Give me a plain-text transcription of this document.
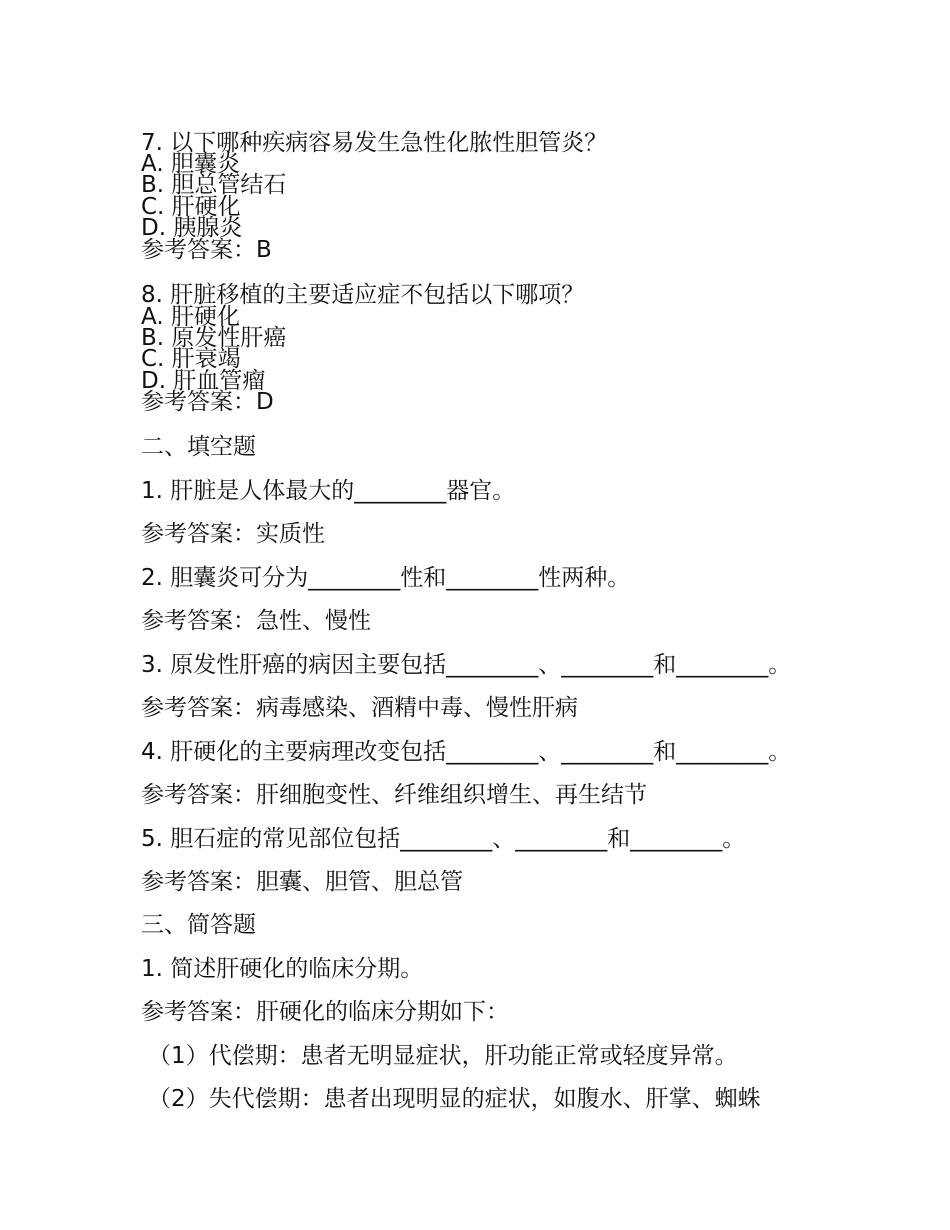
7. 以下哪种疾病容易发生急性化脓性胆管炎？
A. 胆囊炎
B. 胆总管结石
C. 肝硬化
D. 胰腺炎
参考答案：B
8. 肝脏移植的主要适应症不包括以下哪项？
A. 肝硬化
B. 原发性肝癌
C. 肝衰竭
D. 肝血管瘤
参考答案：D
二、填空题
1. 肝脏是人体最大的________器官。
参考答案：实质性
2. 胆囊炎可分为________性和________性两种。
参考答案：急性、慢性
3. 原发性肝癌的病因主要包括________、________和________。
参考答案：病毒感染、酒精中毒、慢性肝病
4. 肝硬化的主要病理改变包括________、________和________。
参考答案：肝细胞变性、纤维组织增生、再生结节
5. 胆石症的常见部位包括________、________和________。
参考答案：胆囊、胆管、胆总管
三、简答题
1. 简述肝硬化的临床分期。
参考答案：肝硬化的临床分期如下：
（1）代偿期：患者无明显症状，肝功能正常或轻度异常。
（2）失代偿期：患者出现明显的症状，如腹水、肝掌、蜘蛛
